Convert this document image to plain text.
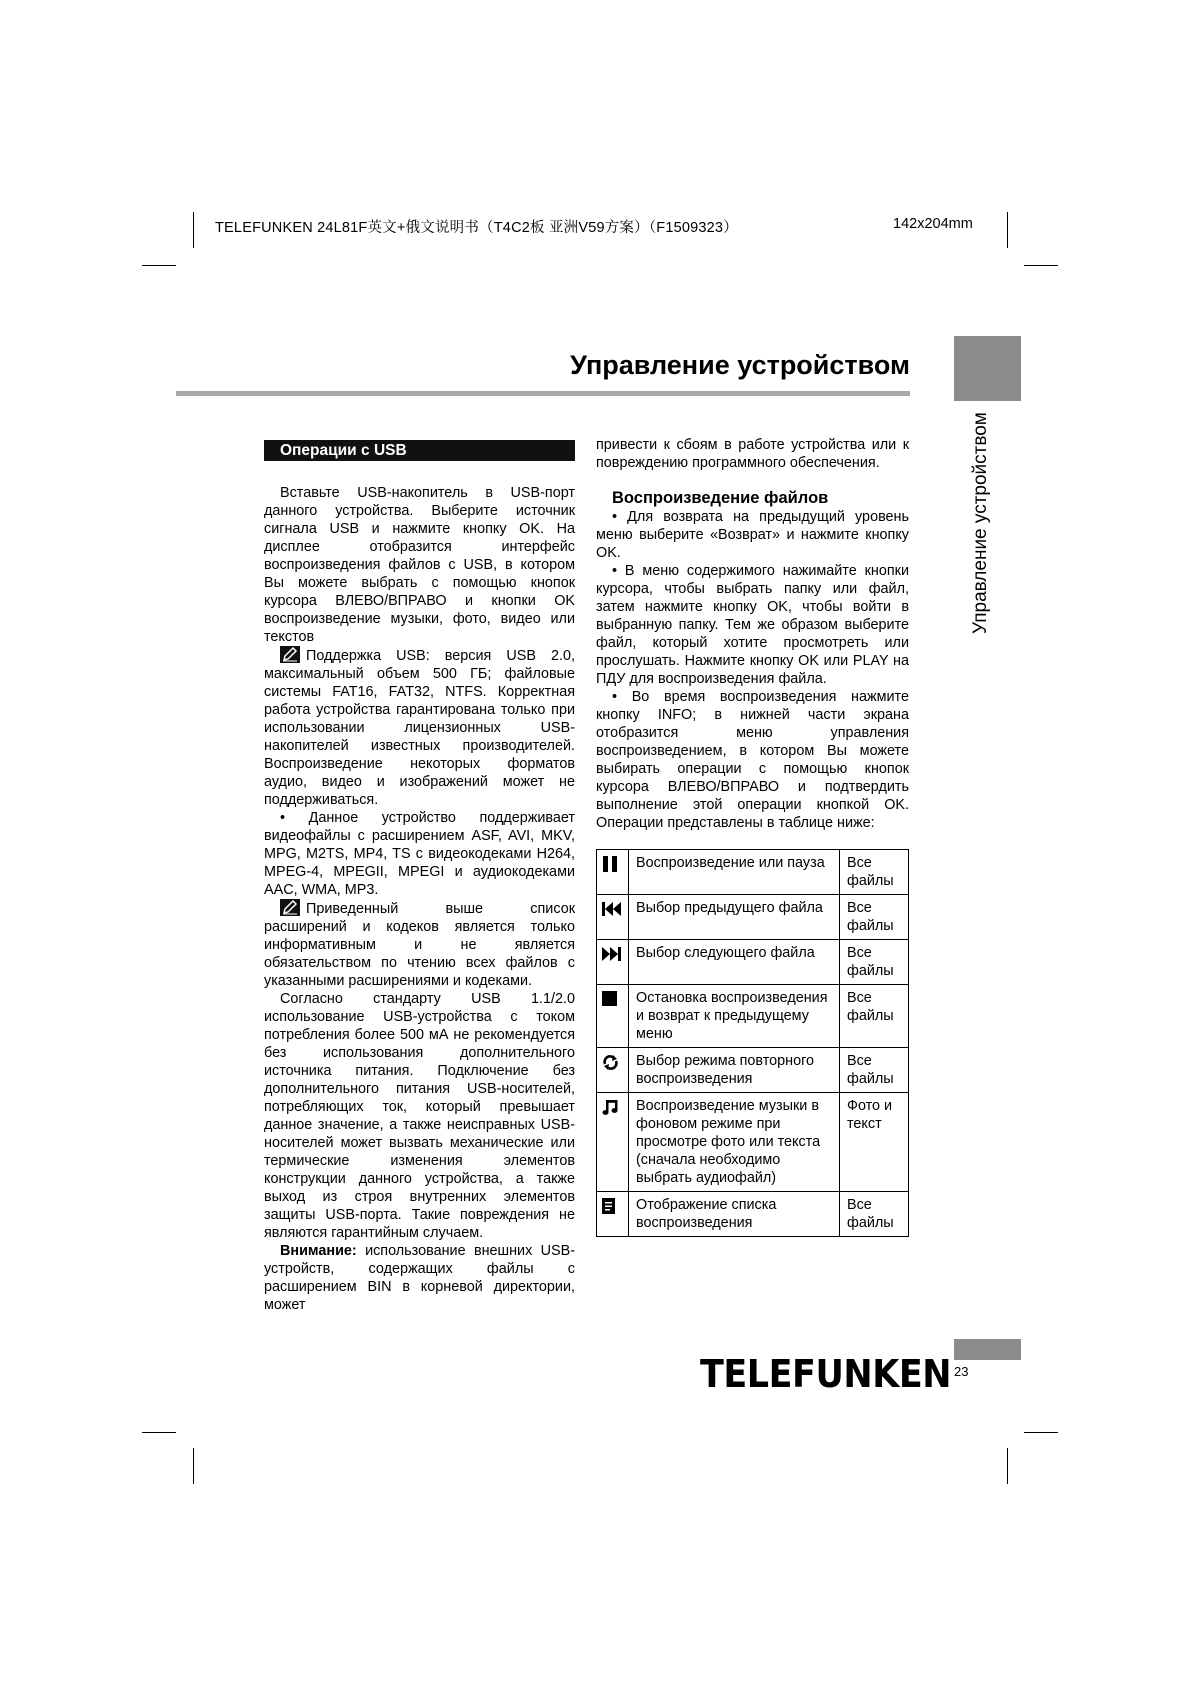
TELEFUNKEN 24L81F英文+俄文说明书（T4C2板 亚洲V59方案）（F1509323）	142x204mm
Управление устройством
Управление устройством
Операции с USB

Вставьте USB-накопитель в USB-порт данного устройства. Выберите источник сигнала USB и нажмите кнопку OK. На дисплее отобразится интерфейс воспроизведения файлов с USB, в котором Вы можете выбрать с помощью кнопок курсора ВЛЕВО/ВПРАВО и кнопки OK воспроизведение музыки, фото, видео или текстов

Поддержка USB: версия USB 2.0, максимальный объем 500 ГБ; файловые системы FAT16, FAT32, NTFS. Корректная работа устройства гарантирована только при использовании лицензионных USB-накопителей известных производителей. Воспроизведение некоторых форматов аудио, видео и изображений может не поддерживаться.

• Данное устройство поддерживает видеофайлы с расширением ASF, AVI, MKV, MPG, M2TS, MP4, TS с видеокодеками H264, MPEG-4, MPEGII, MPEGI и аудиокодеками AAC, WMA, MP3.

Приведенный выше список расширений и кодеков является только информативным и не является обязательством по чтению всех файлов с указанными расширениями и кодеками.

Согласно стандарту USB 1.1/2.0 использование USB-устройства с током потребления более 500 мА не рекомендуется без использования дополнительного источника питания. Подключение без дополнительного питания USB-носителей, потребляющих ток, который превышает данное значение, а также неисправных USB-носителей может вызвать механические или термические изменения элементов конструкции данного устройства, а также выход из строя внутренних элементов защиты USB-порта. Такие повреждения не являются гарантийным случаем.

Внимание: использование внешних USB-устройств, содержащих файлы с расширением BIN в корневой директории, может

привести к сбоям в работе устройства или к повреждению программного обеспечения.

Воспроизведение файлов

• Для возврата на предыдущий уровень меню выберите «Возврат» и нажмите кнопку OK.

• В меню содержимого нажимайте кнопки курсора, чтобы выбрать папку или файл, затем нажмите кнопку OK, чтобы войти в выбранную папку. Тем же образом выберите файл, который хотите просмотреть или прослушать. Нажмите кнопку OK или PLAY на ПДУ для воспроизведения файла.

• Во время воспроизведения нажмите кнопку INFO; в нижней части экрана отобразится меню управления воспроизведением, в котором Вы можете выбирать операции с помощью кнопок курсора ВЛЕВО/ВПРАВО и подтвердить выполнение этой операции кнопкой OK. Операции представлены в таблице ниже:

	Воспроизведение или пауза	Все файлы
	Выбор предыдущего файла	Все файлы
	Выбор следующего файла	Все файлы
	Остановка воспроизведения и возврат к предыдущему меню	Все файлы
	Выбор режима повторного воспроизведения	Все файлы
	Воспроизведение музыки в фоновом режиме при просмотре фото или текста (сначала необходимо выбрать аудиофайл)	Фото и текст
	Отображение списка воспроизведения	Все файлы
TELEFUNKEN 23
